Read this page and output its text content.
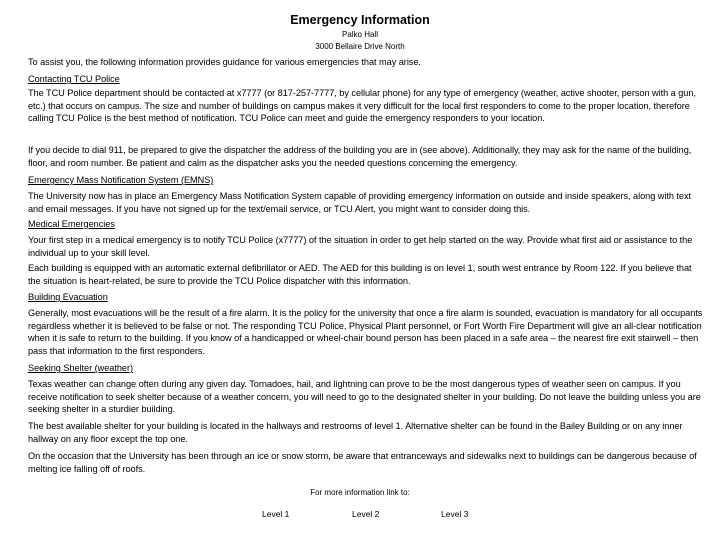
Emergency Information
Palko Hall
3000 Bellaire Drive North
To assist you, the following information provides guidance for various emergencies that may arise.
Contacting TCU Police
The TCU Police department should be contacted at x7777 (or 817-257-7777, by cellular phone) for any type of emergency (weather, active shooter, person with a gun, etc.) that occurs on campus. The size and number of buildings on campus makes it very difficult for the local first responders to come to the proper location, therefore calling TCU Police is the best method of notification. TCU Police can meet and guide the emergency responders to your location.
If you decide to dial 911, be prepared to give the dispatcher the address of the building you are in (see above). Additionally, they may ask for the name of the building, floor, and room number. Be patient and calm as the dispatcher asks you the needed questions concerning the emergency.
Emergency Mass Notification System (EMNS)
The University now has in place an Emergency Mass Notification System capable of providing emergency information on outside and inside speakers, along with text and email messages. If you have not signed up for the text/email service, or TCU Alert, you might want to consider doing this.
Medical Emergencies
Your first step in a medical emergency is to notify TCU Police (x7777) of the situation in order to get help started on the way. Provide what first aid or assistance to the individual up to your skill level.
Each building is equipped with an automatic external defibrillator or AED. The AED for this building is on level 1, south west entrance by Room 122. If you believe that the situation is heart-related, be sure to provide the TCU Police dispatcher with this information.
Building Evacuation
Generally, most evacuations will be the result of a fire alarm. It is the policy for the university that once a fire alarm is sounded, evacuation is mandatory for all occupants regardless whether it is believed to be false or not. The responding TCU Police, Physical Plant personnel, or Fort Worth Fire Department will give an all-clear notification when it is safe to return to the building. If you know of a handicapped or wheel-chair bound person has been placed in a safe area – the nearest fire exit stairwell – then pass that information to the first responders.
Seeking Shelter (weather)
Texas weather can change often during any given day. Tornadoes, hail, and lightning can prove to be the most dangerous types of weather seen on campus. If you receive notification to seek shelter because of a weather concern, you will need to go to the designated shelter in your building. Do not leave the building unless you are seeking shelter in a sturdier building.
The best available shelter for your building is located in the hallways and restrooms of level 1. Alternative shelter can be found in the Bailey Building or on any inner hallway on any floor except the top one.
On the occasion that the University has been through an ice or snow storm, be aware that entranceways and sidewalks next to buildings can be dangerous because of melting ice falling off of roofs.
For more information link to:
Level 1	Level 2	Level 3
